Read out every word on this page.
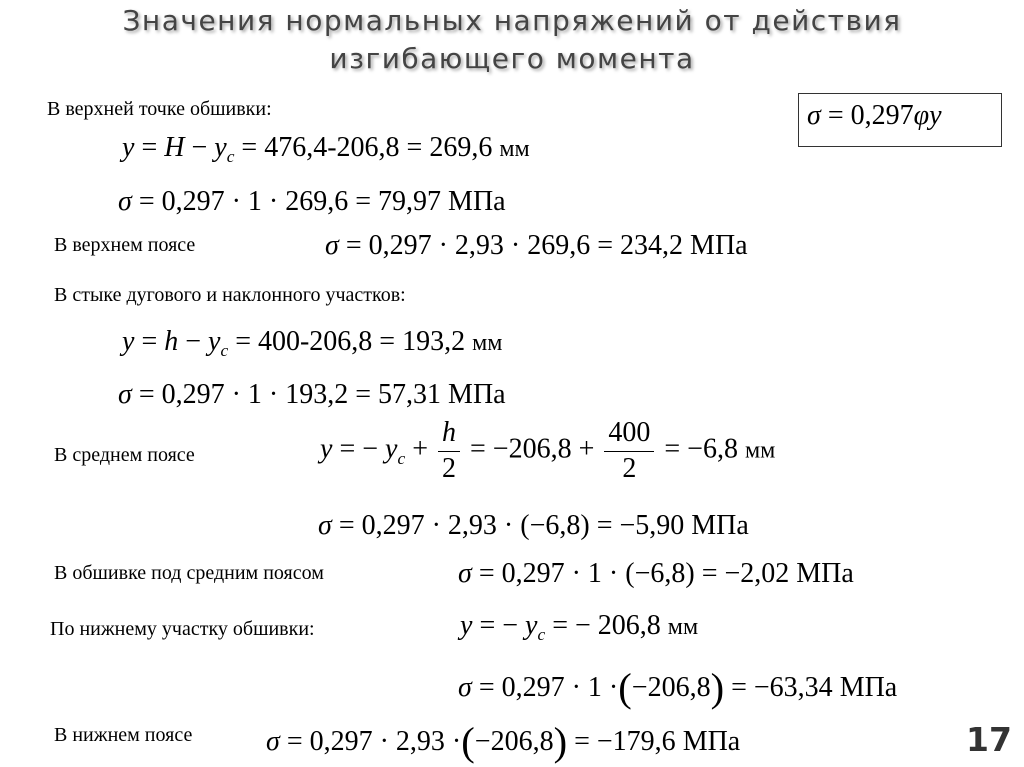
Значения нормальных напряжений от действия
изгибающего момента
σ = 0,297φy
В верхней точке обшивки:
$y = H - y_c = 476,4-206,8 = 269,6$ мм
σ = 0,297 · 1 · 269,6 = 79,97 МПа
В верхнем поясе	σ = 0,297 · 2,93 · 269,6 = 234,2 МПа
В стыке дугового и наклонного участков:
$y = h - y_c = 400-206,8 = 193,2$ мм
σ = 0,297 · 1 · 193,2 = 57,31 МПа
В среднем поясе	y = − $y_c + \frac{h}{2} = -206,8 + \frac{400}{2} = -6,8$ мм
σ = 0,297 · 2,93 · (−6,8) = −5,90 МПа
В обшивке под средним поясом	σ = 0,297 · 1 · (−6,8) = −2,02 МПа
По нижнему участку обшивки:	y = − $y_c$ = − 206,8 мм
σ = 0,297 · 1 ·(−206,8) = −63,34 МПа
В нижнем поясе	σ = 0,297 · 2,93 ·(−206,8) = −179,6 МПа	17
